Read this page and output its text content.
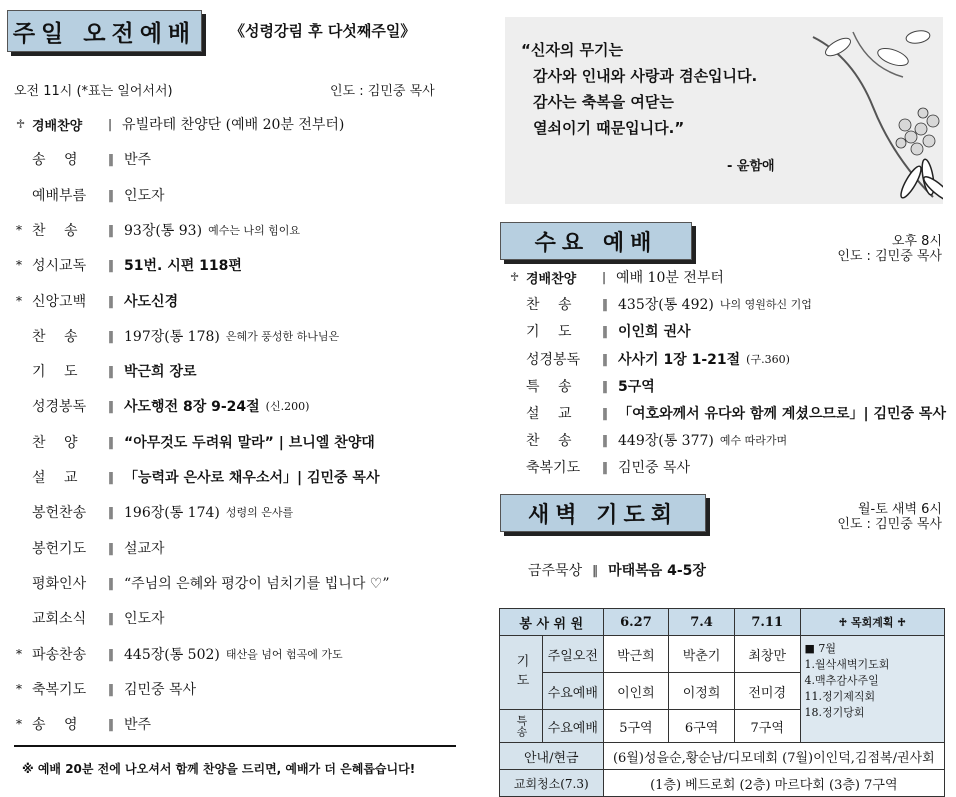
주일 오전예배	《성령강림 후 다섯째주일》
오전 11시 (*표는 일어서서)	인도 : 김민중 목사
♱ 경배찬양	| 유빌라테 찬양단 (예배 20분 전부터)
송　 영	‖ 반주
예배부름	‖ 인도자
* 찬　 송	‖ 93장(통 93) 예수는 나의 힘이요
* 성시교독	‖ 51번. 시편 118편
* 신앙고백	‖ 사도신경
찬　 송	‖ 197장(통 178) 은혜가 풍성한 하나님은
기　 도	‖ 박근희 장로
성경봉독	‖ 사도행전 8장 9-24절 (신.200)
찬　 양	‖ “아무것도 두려워 말라” | 브니엘 찬양대
설　 교	‖ 「능력과 은사로 채우소서」| 김민중 목사
봉헌찬송	‖ 196장(통 174) 성령의 은사를
봉헌기도	‖ 설교자
평화인사	‖ “주님의 은혜와 평강이 넘치기를 빕니다 ♡”
교회소식	‖ 인도자
* 파송찬송	‖ 445장(통 502) 태산을 넘어 험곡에 가도
* 축복기도	‖ 김민중 목사
* 송　 영	‖ 반주
※ 예배 20분 전에 나오셔서 함께 찬양을 드리면, 예배가 더 은혜롭습니다!
“신자의 무기는
감사와 인내와 사랑과 겸손입니다.
감사는 축복을 여닫는
열쇠이기 때문입니다.”
- 윤함애
수요 예배	오후 8시
인도 : 김민중 목사
♱ 경배찬양	| 예배 10분 전부터
찬　 송	‖ 435장(통 492) 나의 영원하신 기업
기　 도	‖ 이인희 권사
성경봉독	‖ 사사기 1장 1-21절 (구.360)
특　 송	‖ 5구역
설　 교	‖ 「여호와께서 유다와 함께 계셨으므로」| 김민중 목사
찬　 송	‖ 449장(통 377) 예수 따라가며
축복기도	‖ 김민중 목사
새벽 기도회	월-토 새벽 6시
인도 : 김민중 목사
금주묵상 ‖ 마태복음 4-5장
봉 사 위 원		6.27	7.4	7.11	♱ 목회계획 ♱
기도	주일오전	박근희	박춘기	최창만	■ 7월
1.월삭새벽기도회
4.맥추감사주일
11.정기제직회
18.정기당회

	수요예배	이인희	이정희	전미경	
특송	수요예배	5구역	6구역	7구역	
안내/현금		(6월)성을순,황순남/디모데회 (7월)이인덕,김점복/권사회			
교회청소(7.3)		(1층) 베드로회 (2층) 마르다회 (3층) 7구역			
